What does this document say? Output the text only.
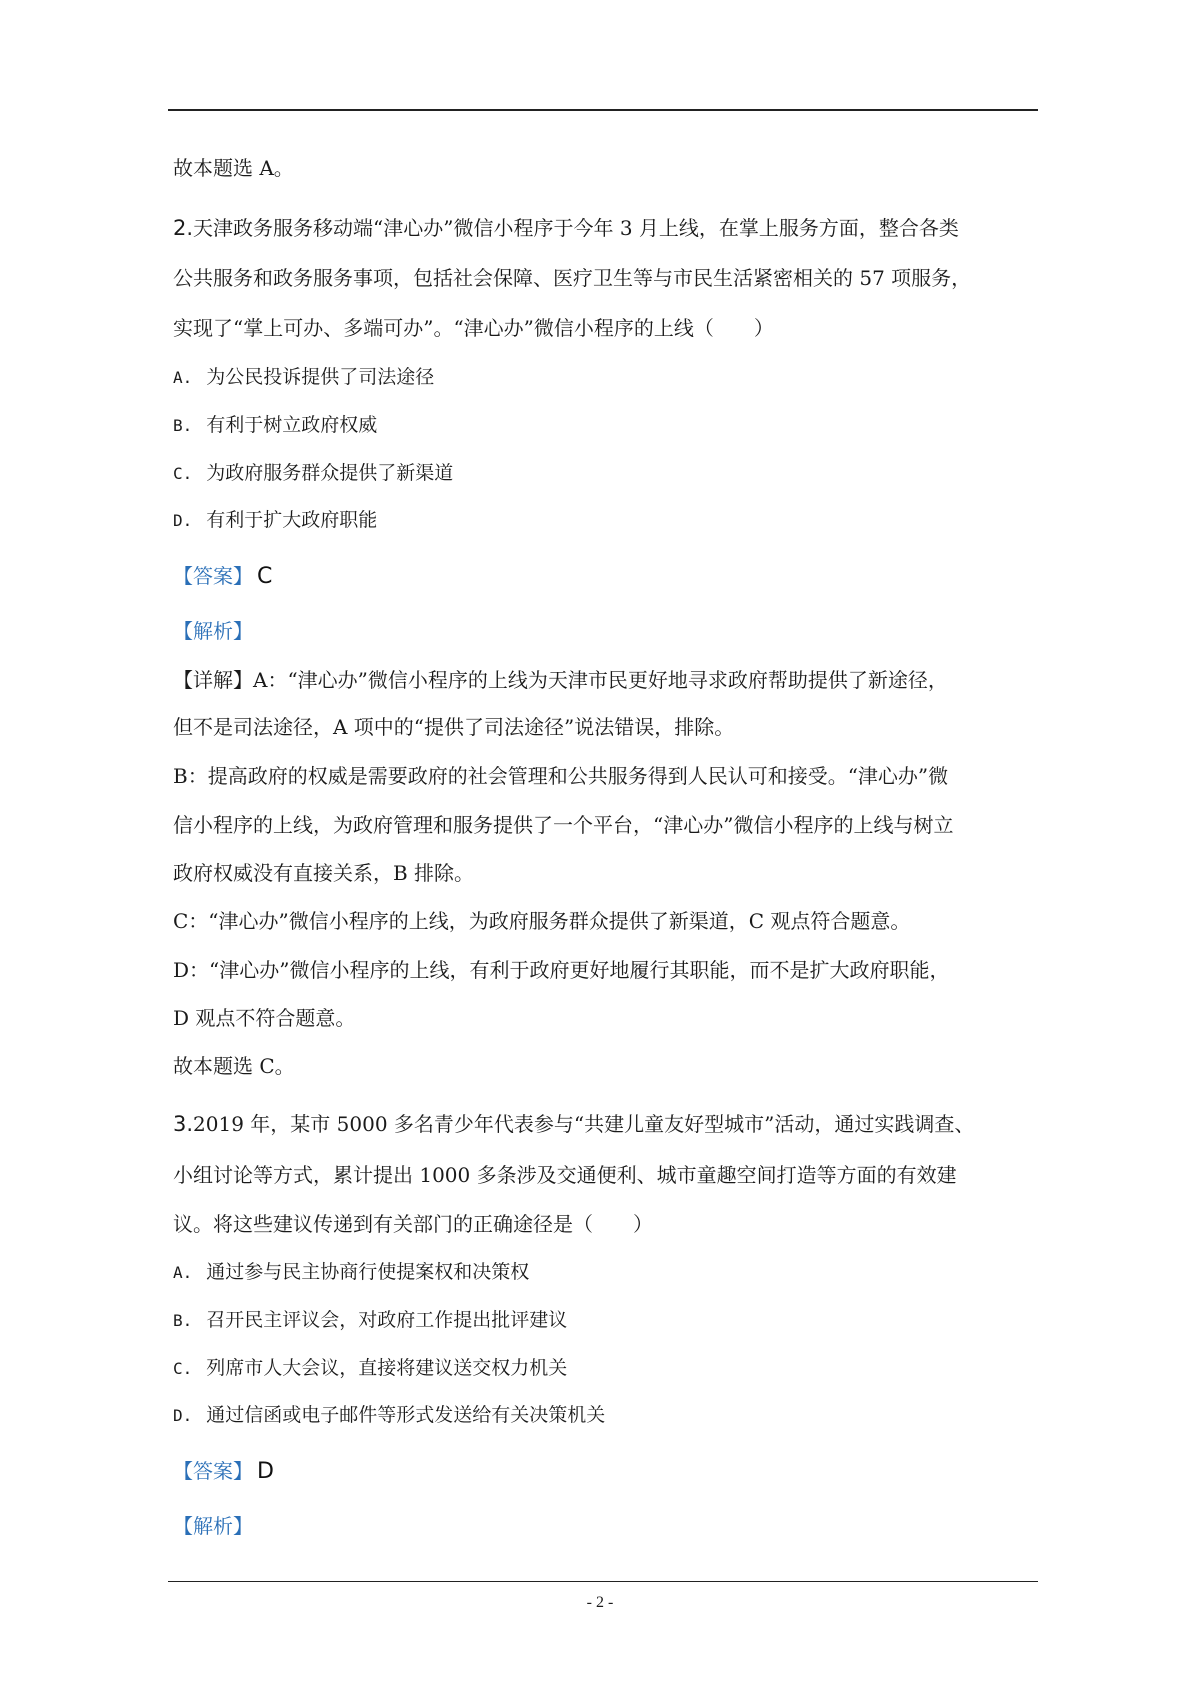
故本题选 A。
2.天津政务服务移动端“津心办”微信小程序于今年 3 月上线，在掌上服务方面，整合各类
公共服务和政务服务事项，包括社会保障、医疗卫生等与市民生活紧密相关的 57 项服务，
实现了“掌上可办、多端可办”。“津心办”微信小程序的上线（　　）
A. 为公民投诉提供了司法途径
B. 有利于树立政府权威
C. 为政府服务群众提供了新渠道
D. 有利于扩大政府职能
【答案】 C
【解析】
【详解】A：“津心办”微信小程序的上线为天津市民更好地寻求政府帮助提供了新途径，
但不是司法途径，A 项中的“提供了司法途径”说法错误，排除。
B：提高政府的权威是需要政府的社会管理和公共服务得到人民认可和接受。“津心办”微
信小程序的上线，为政府管理和服务提供了一个平台，“津心办”微信小程序的上线与树立
政府权威没有直接关系，B 排除。
C：“津心办”微信小程序的上线，为政府服务群众提供了新渠道，C 观点符合题意。
D：“津心办”微信小程序的上线，有利于政府更好地履行其职能，而不是扩大政府职能，
D 观点不符合题意。
故本题选 C。
3.2019 年，某市 5000 多名青少年代表参与“共建儿童友好型城市”活动，通过实践调查、
小组讨论等方式，累计提出 1000 多条涉及交通便利、城市童趣空间打造等方面的有效建
议。将这些建议传递到有关部门的正确途径是（　　）
A. 通过参与民主协商行使提案权和决策权
B. 召开民主评议会，对政府工作提出批评建议
C. 列席市人大会议，直接将建议送交权力机关
D. 通过信函或电子邮件等形式发送给有关决策机关
【答案】 D
【解析】
- 2 -
